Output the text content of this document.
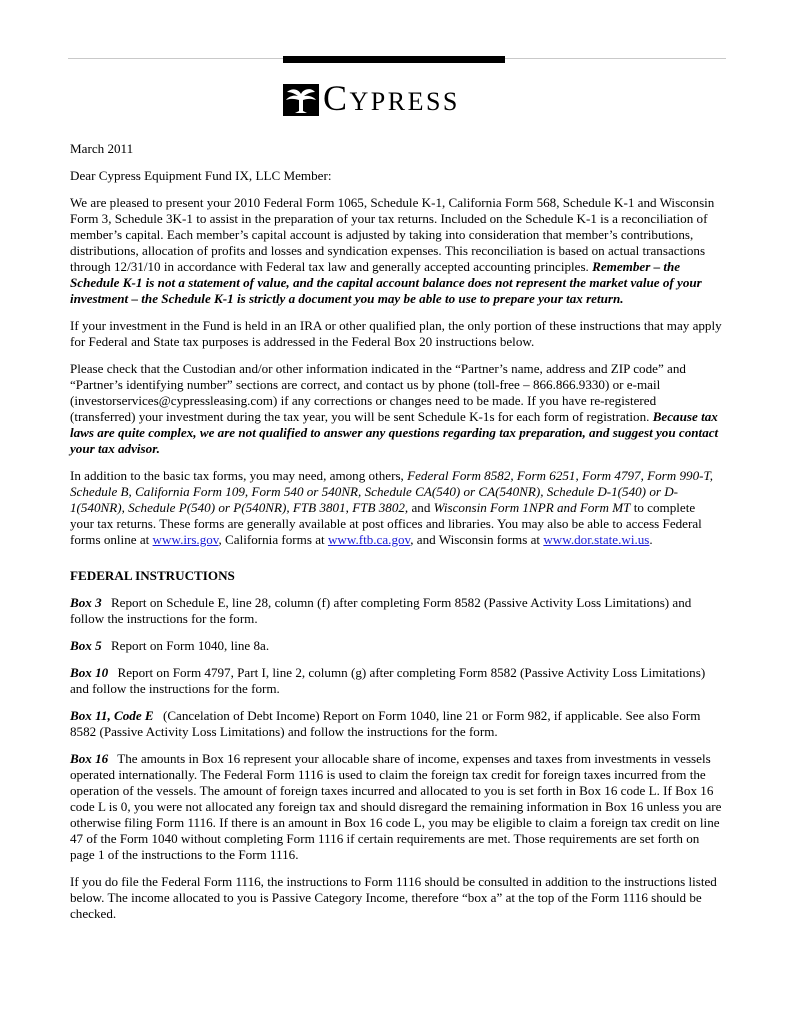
CYPRESS

March 2011

Dear Cypress Equipment Fund IX, LLC Member:

We are pleased to present your 2010 Federal Form 1065, Schedule K-1, California Form 568, Schedule K-1 and Wisconsin Form 3, Schedule 3K-1 to assist in the preparation of your tax returns. Included on the Schedule K-1 is a reconciliation of member’s capital. Each member’s capital account is adjusted by taking into consideration that member’s contributions, distributions, allocation of profits and losses and syndication expenses. This reconciliation is based on actual transactions through 12/31/10 in accordance with Federal tax law and generally accepted accounting principles. Remember – the Schedule K-1 is not a statement of value, and the capital account balance does not represent the market value of your investment – the Schedule K-1 is strictly a document you may be able to use to prepare your tax return.

If your investment in the Fund is held in an IRA or other qualified plan, the only portion of these instructions that may apply for Federal and State tax purposes is addressed in the Federal Box 20 instructions below.

Please check that the Custodian and/or other information indicated in the “Partner’s name, address and ZIP code” and “Partner’s identifying number” sections are correct, and contact us by phone (toll-free – 866.866.9330) or e-mail (investorservices@cypressleasing.com) if any corrections or changes need to be made. If you have re-registered (transferred) your investment during the tax year, you will be sent Schedule K-1s for each form of registration. Because tax laws are quite complex, we are not qualified to answer any questions regarding tax preparation, and suggest you contact your tax advisor.

In addition to the basic tax forms, you may need, among others, Federal Form 8582, Form 6251, Form 4797, Form 990-T, Schedule B, California Form 109, Form 540 or 540NR, Schedule CA(540) or CA(540NR), Schedule D-1(540) or D-1(540NR), Schedule P(540) or P(540NR), FTB 3801, FTB 3802, and Wisconsin Form 1NPR and Form MT to complete your tax returns. These forms are generally available at post offices and libraries. You may also be able to access Federal forms online at www.irs.gov, California forms at www.ftb.ca.gov, and Wisconsin forms at www.dor.state.wi.us.

FEDERAL INSTRUCTIONS

Box 3 Report on Schedule E, line 28, column (f) after completing Form 8582 (Passive Activity Loss Limitations) and follow the instructions for the form.

Box 5 Report on Form 1040, line 8a.

Box 10 Report on Form 4797, Part I, line 2, column (g) after completing Form 8582 (Passive Activity Loss Limitations) and follow the instructions for the form.

Box 11, Code E (Cancelation of Debt Income) Report on Form 1040, line 21 or Form 982, if applicable. See also Form 8582 (Passive Activity Loss Limitations) and follow the instructions for the form.

Box 16 The amounts in Box 16 represent your allocable share of income, expenses and taxes from investments in vessels operated internationally. The Federal Form 1116 is used to claim the foreign tax credit for foreign taxes incurred from the operation of the vessels. The amount of foreign taxes incurred and allocated to you is set forth in Box 16 code L. If Box 16 code L is 0, you were not allocated any foreign tax and should disregard the remaining information in Box 16 unless you are otherwise filing Form 1116. If there is an amount in Box 16 code L, you may be eligible to claim a foreign tax credit on line 47 of the Form 1040 without completing Form 1116 if certain requirements are met. Those requirements are set forth on page 1 of the instructions to the Form 1116.

If you do file the Federal Form 1116, the instructions to Form 1116 should be consulted in addition to the instructions listed below. The income allocated to you is Passive Category Income, therefore “box a” at the top of the Form 1116 should be checked.
